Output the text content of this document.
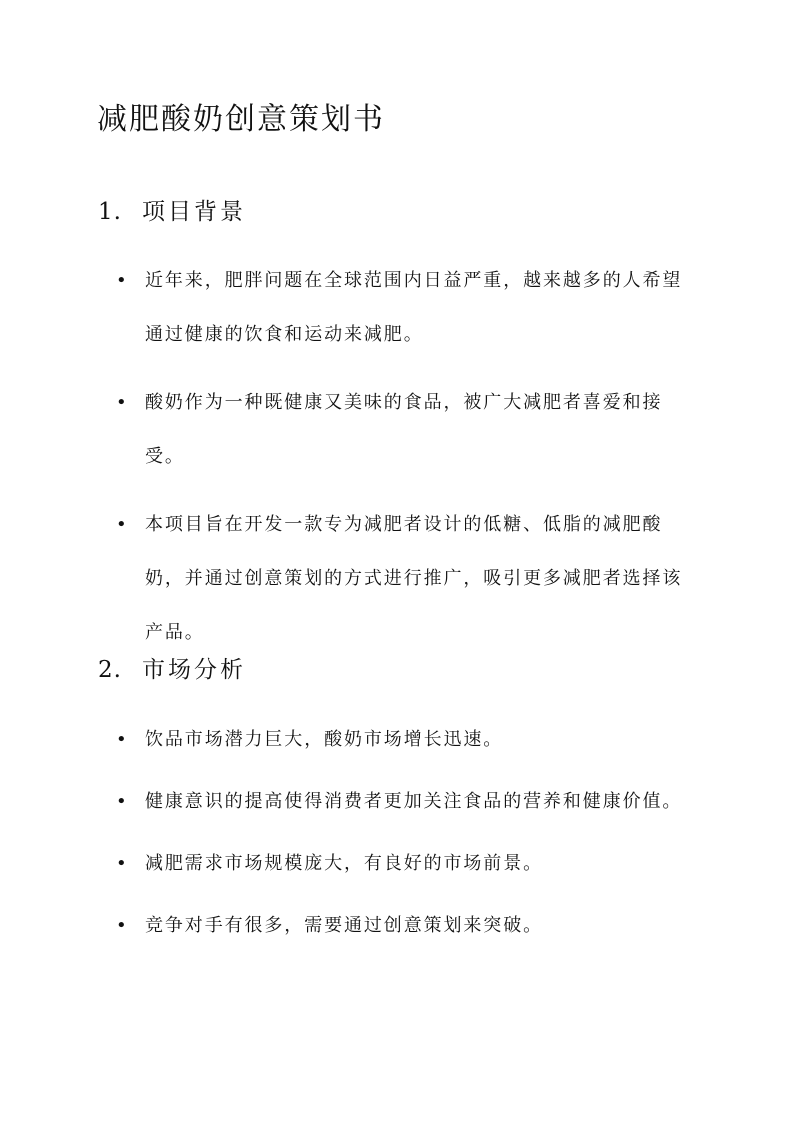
减肥酸奶创意策划书
1. 项目背景
• 近年来，肥胖问题在全球范围内日益严重，越来越多的人希望通过健康的饮食和运动来减肥。
• 酸奶作为一种既健康又美味的食品，被广大减肥者喜爱和接受。
• 本项目旨在开发一款专为减肥者设计的低糖、低脂的减肥酸奶，并通过创意策划的方式进行推广，吸引更多减肥者选择该产品。
2. 市场分析
• 饮品市场潜力巨大，酸奶市场增长迅速。
• 健康意识的提高使得消费者更加关注食品的营养和健康价值。
• 减肥需求市场规模庞大，有良好的市场前景。
• 竞争对手有很多，需要通过创意策划来突破。
